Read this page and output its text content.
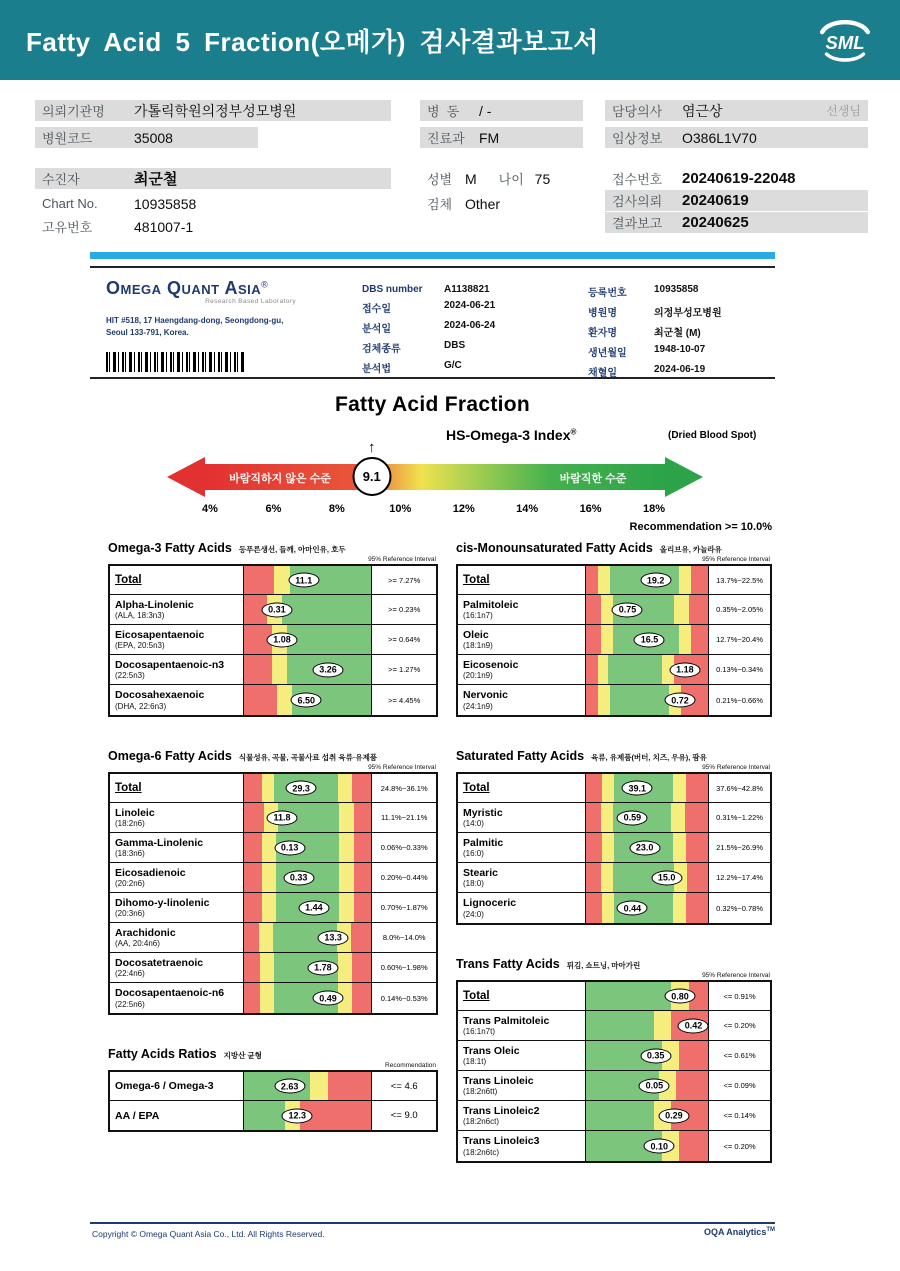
Fatty Acid 5 Fraction(오메가) 검사결과보고서	SML
의뢰기관명	가톨릭학원의정부성모병원	병  동	/ -	담당의사	염근상	선생님
병원코드	35008	진료과	FM	임상정보	O386L1V70
수진자	최군철	성별 M 나이 75	접수번호	20240619-22048
Chart No.	10935858	검체 Other	검사의뢰	20240619
고유번호	481007-1	결과보고	20240625
Omega Quant Asia®
Research Based Laboratory
HIT #518, 17 Haengdang-dong, Seongdong-gu,
Seoul 133-791, Korea.
DBS number	A1138821
접수일	2024-06-21
분석일	2024-06-24
검체종류	DBS
분석법	G/C
등록번호	10935858
병원명	의정부성모병원
환자명	최군철 (M)
생년월일	1948-10-07
채혈일	2024-06-19
Fatty Acid Fraction
HS-Omega-3 Index®	(Dried Blood Spot)
바람직하지 않은 수준	바람직한 수준
↑
9.1
4%	6%	8%	10%	12%	14%	16%	18%
Recommendation >= 10.0%
Omega-3 Fatty Acids 등푸른생선, 들깨, 아마인유, 호두
95% Reference Interval
Total	11.1	>= 7.27%
Alpha-Linolenic
(ALA, 18:3n3)
0.31	>= 0.23%
Eicosapentaenoic
(EPA, 20:5n3)
1.08	>= 0.64%
Docosapentaenoic-n3
(22:5n3)
3.26	>= 1.27%
Docosahexaenoic
(DHA, 22:6n3)
6.50	>= 4.45%
Omega-6 Fatty Acids 식물성유, 곡물, 곡물사료 섭취 육류·유제품
95% Reference Interval
Total	29.3	24.8%~36.1%
Linoleic
(18:2n6)
11.8	11.1%~21.1%
Gamma-Linolenic
(18:3n6)
0.13	0.06%~0.33%
Eicosadienoic
(20:2n6)
0.33	0.20%~0.44%
Dihomo-y-linolenic
(20:3n6)
1.44	0.70%~1.87%
Arachidonic
(AA, 20:4n6)
13.3	8.0%~14.0%
Docosatetraenoic
(22:4n6)
1.78	0.60%~1.98%
Docosapentaenoic-n6
(22:5n6)
0.49	0.14%~0.53%
Fatty Acids Ratios 지방산 균형
Recommendation
Omega-6 / Omega-3	2.63	<= 4.6
AA / EPA	12.3	<= 9.0
cis-Monounsaturated Fatty Acids 올리브유, 카놀라유
95% Reference Interval
Total	19.2	13.7%~22.5%
Palmitoleic
(16:1n7)
0.75	0.35%~2.05%
Oleic
(18:1n9)
16.5	12.7%~20.4%
Eicosenoic
(20:1n9)
1.18	0.13%~0.34%
Nervonic
(24:1n9)
0.72	0.21%~0.66%
Saturated Fatty Acids 육류, 유제품(버터, 치즈, 우유), 팜유
95% Reference Interval
Total	39.1	37.6%~42.8%
Myristic
(14:0)
0.59	0.31%~1.22%
Palmitic
(16:0)
23.0	21.5%~26.9%
Stearic
(18:0)
15.0	12.2%~17.4%
Lignoceric
(24:0)
0.44	0.32%~0.78%
Trans Fatty Acids 튀김, 쇼트닝, 마아가린
95% Reference Interval
Total	0.80	<= 0.91%
Trans Palmitoleic
(16:1n7t)
0.42	<= 0.20%
Trans Oleic
(18:1t)
0.35	<= 0.61%
Trans Linoleic
(18:2n6tt)
0.05	<= 0.09%
Trans Linoleic2
(18:2n6ct)
0.29	<= 0.14%
Trans Linoleic3
(18:2n6tc)
0.10	<= 0.20%
Copyright © Omega Quant Asia Co., Ltd. All Rights Reserved.	OQA Analytics™
